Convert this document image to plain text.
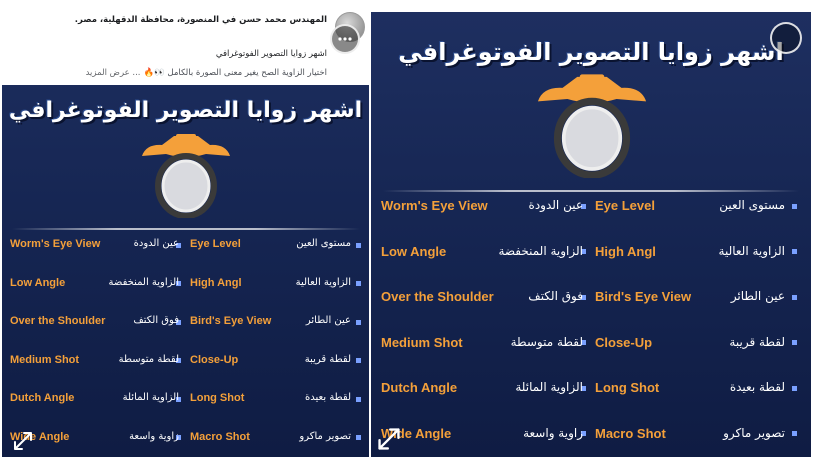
المهندس محمد حسن في المنصورة، محافظة الدقهلية، مصر.
اشهر زوايا التصوير الفوتوغرافي
اختيار الزاوية الصح يغير معنى الصورة بالكامل 👀🔥... عرض المزيد
اشهر زوايا التصوير الفوتوغرافي
مستوى العين
Eye Level
عين الدودة
Worm's Eye View
الزاوية العالية
High Angl
الزاوية المنخفضة
Low Angle
عين الطائر
Bird's Eye View
فوق الكتف
Over the Shoulder
لقطة قريبة
Close-Up
لقطة متوسطة
Medium Shot
لقطة بعيدة
Long Shot
الزاوية المائلة
Dutch Angle
تصوير ماكرو
Macro Shot
زاوية واسعة
Wide Angle
اشهر زوايا التصوير الفوتوغرافي
مستوى العين
Eye Level
عين الدودة
Worm's Eye View
الزاوية العالية
High Angl
الزاوية المنخفضة
Low Angle
عين الطائر
Bird's Eye View
فوق الكتف
Over the Shoulder
لقطة قريبة
Close-Up
لقطة متوسطة
Medium Shot
لقطة بعيدة
Long Shot
الزاوية المائلة
Dutch Angle
تصوير ماكرو
Macro Shot
زاوية واسعة
Wide Angle
